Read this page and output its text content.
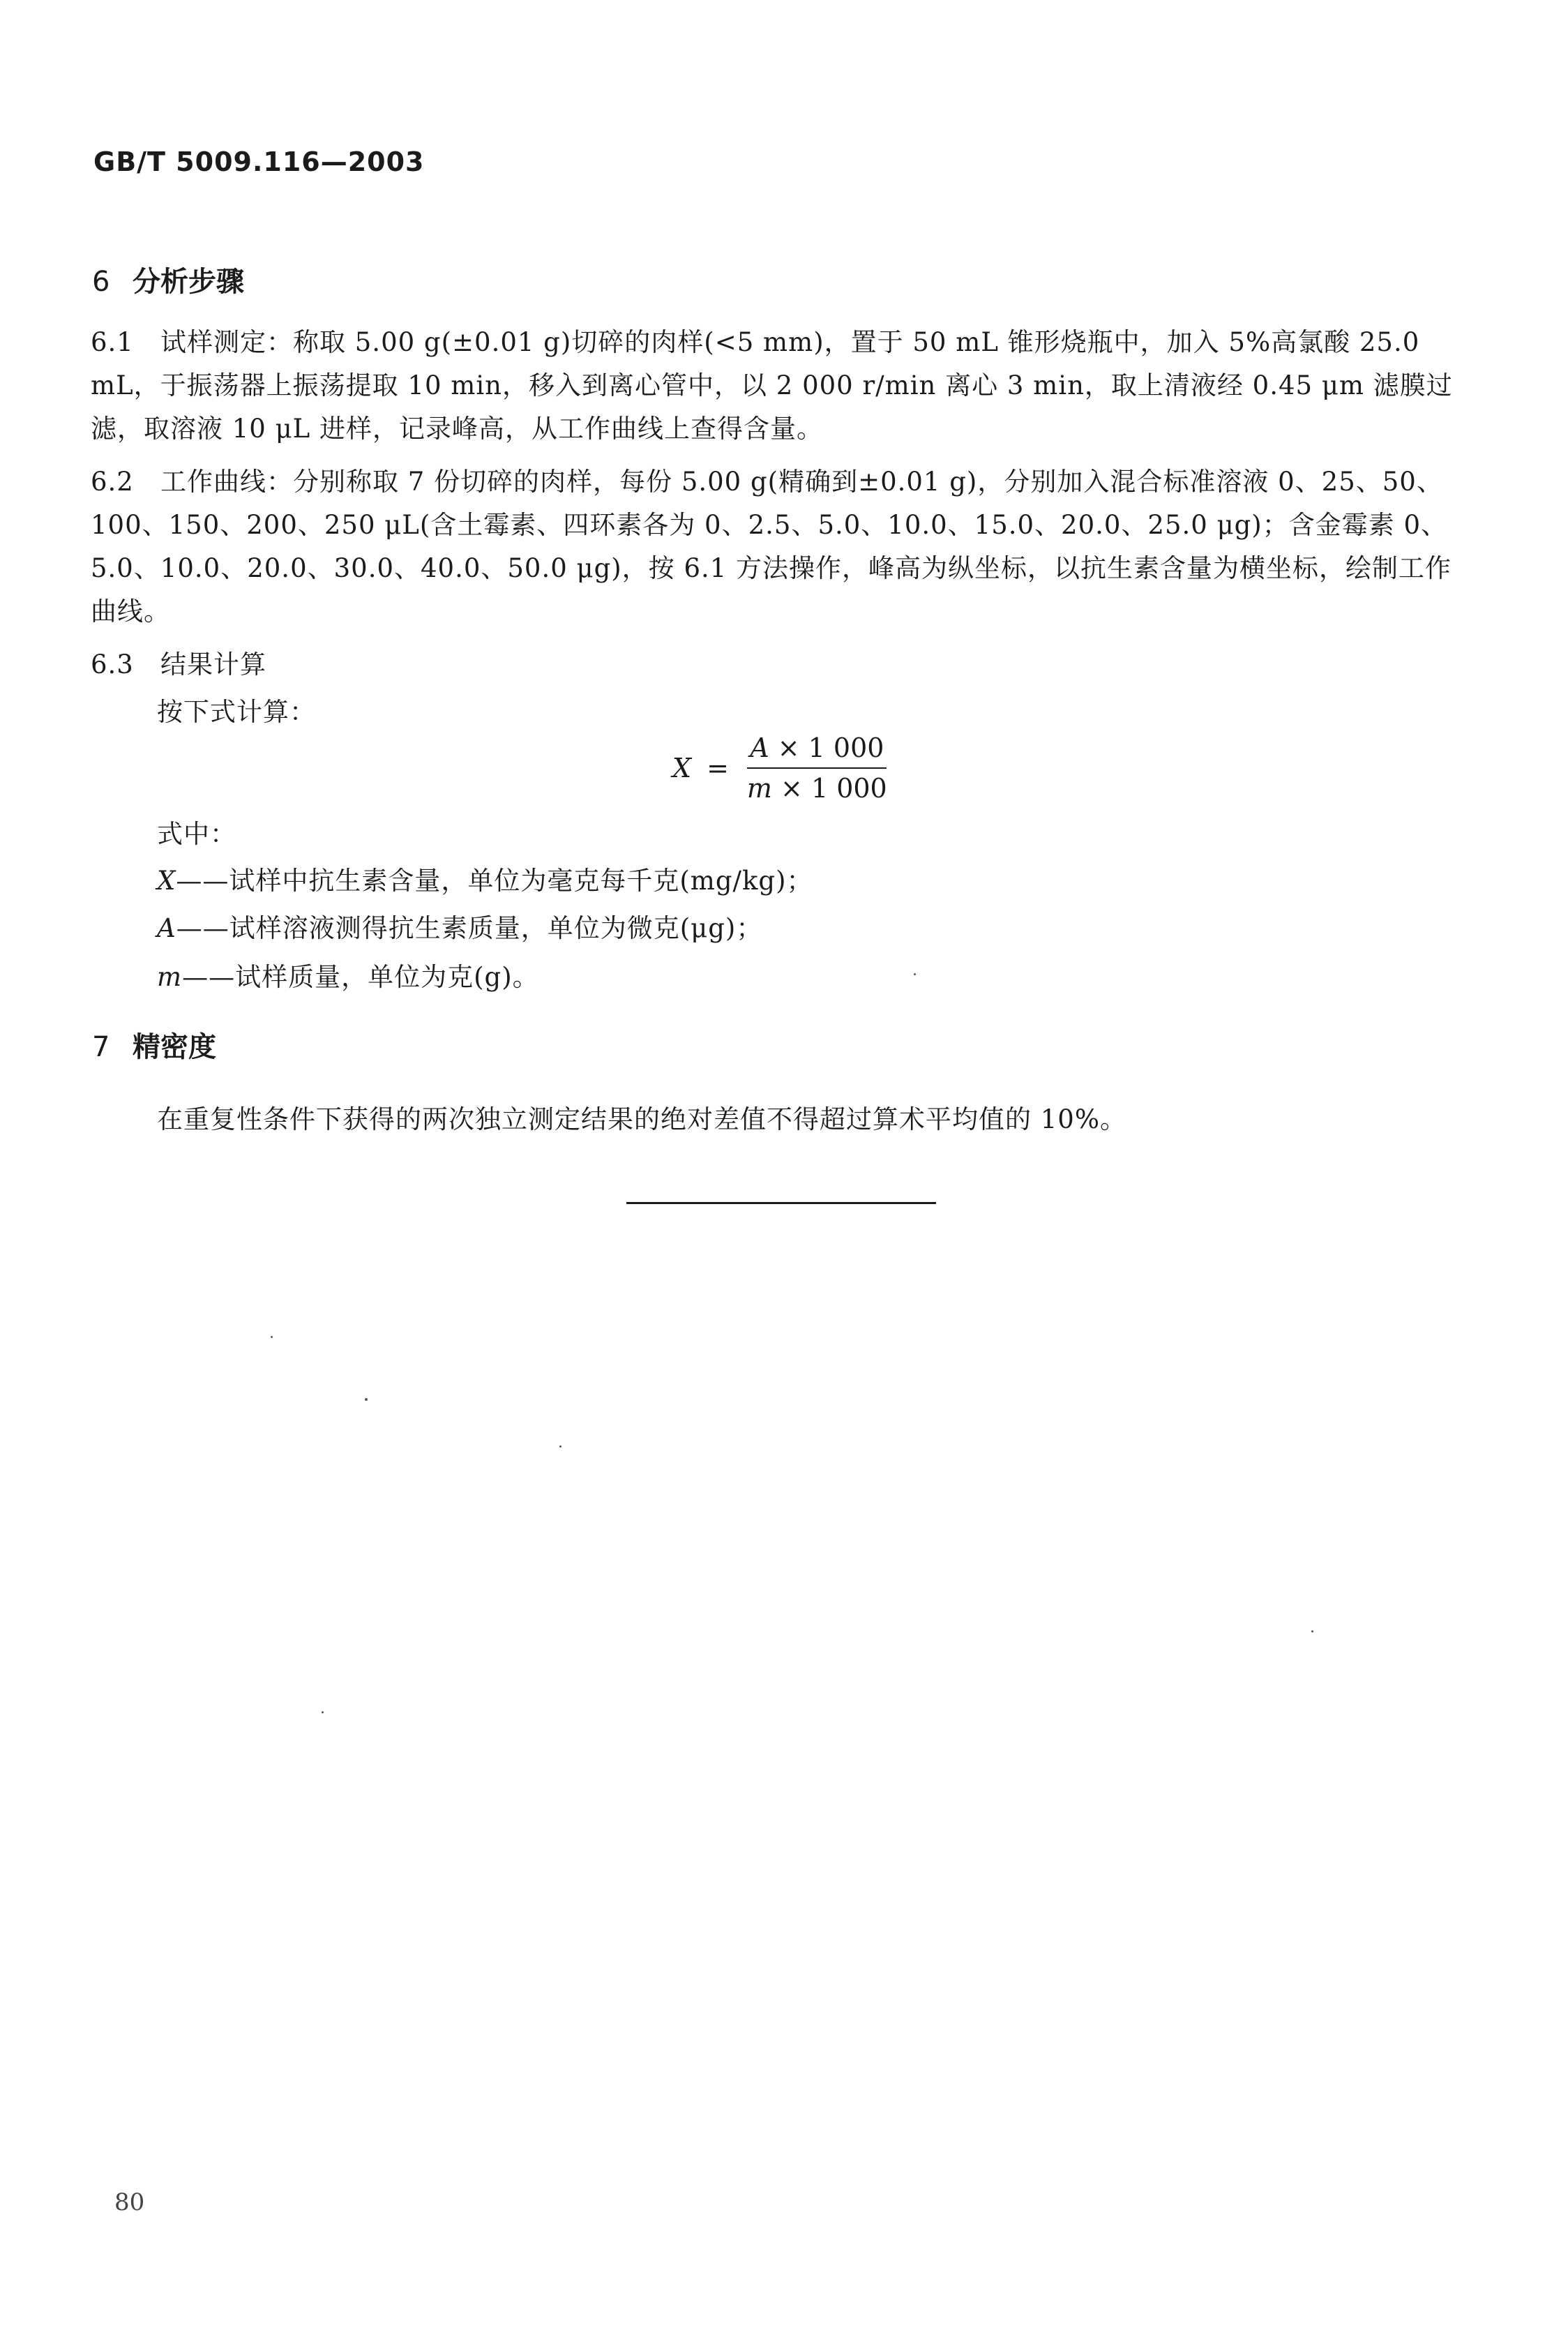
GB/T 5009.116—2003
6 分析步骤
6.1 试样测定：称取 5.00 g(±0.01 g)切碎的肉样(<5 mm)，置于 50 mL 锥形烧瓶中，加入 5%高氯酸 25.0 mL，于振荡器上振荡提取 10 min，移入到离心管中，以 2 000 r/min 离心 3 min，取上清液经 0.45 μm 滤膜过滤，取溶液 10 μL 进样，记录峰高，从工作曲线上查得含量。
6.2 工作曲线：分别称取 7 份切碎的肉样，每份 5.00 g(精确到±0.01 g)，分别加入混合标准溶液 0、25、50、100、150、200、250 μL(含土霉素、四环素各为 0、2.5、5.0、10.0、15.0、20.0、25.0 μg)；含金霉素 0、5.0、10.0、20.0、30.0、40.0、50.0 μg)，按 6.1 方法操作，峰高为纵坐标，以抗生素含量为横坐标，绘制工作曲线。
6.3 结果计算
按下式计算：
$X = \frac{A \times 1 000}{m \times 1 000}$
式中：
X——试样中抗生素含量，单位为毫克每千克(mg/kg)；
A——试样溶液测得抗生素质量，单位为微克(μg)；
m——试样质量，单位为克(g)。
7 精密度
在重复性条件下获得的两次独立测定结果的绝对差值不得超过算术平均值的 10%。
80
